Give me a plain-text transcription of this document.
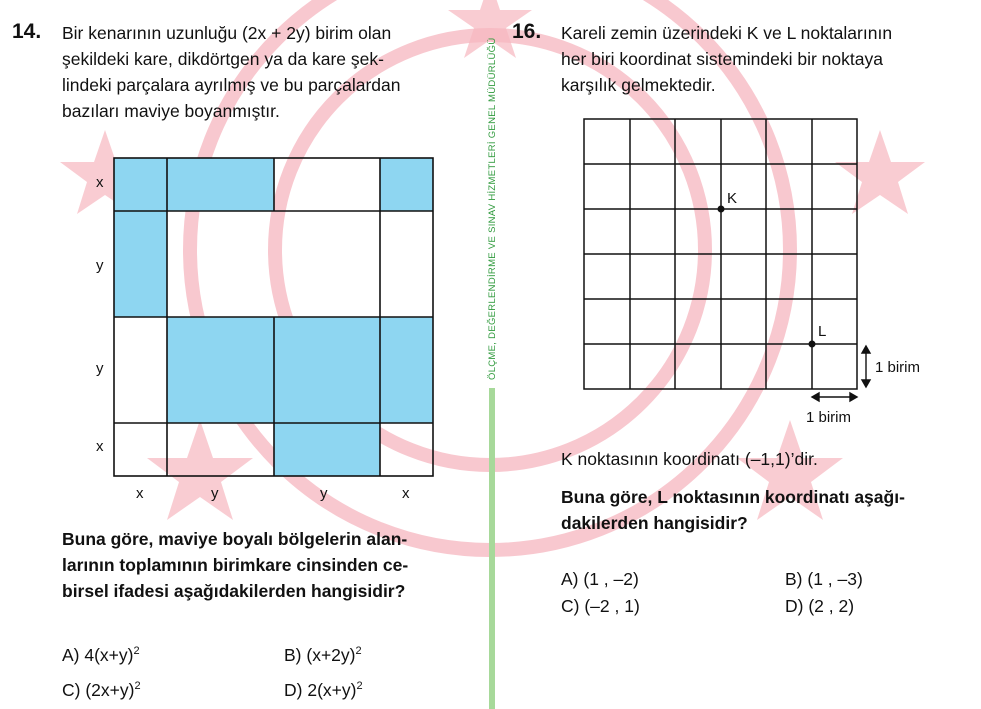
ÖLÇME, DEĞERLENDİRME VE SINAV HİZMETLERİ GENEL MÜDÜRLÜĞÜ
14. Bir kenarının uzunluğu (2x + 2y) birim olan
şekildeki kare, dikdörtgen ya da kare şek-
lindeki parçalara ayrılmış ve bu parçalardan
bazıları maviye boyanmıştır.
x
y
y
x
x	y	y	x
Buna göre, maviye boyalı bölgelerin alan-
larının toplamının birimkare cinsinden ce-
birsel ifadesi aşağıdakilerden hangisidir?
A) $4(x+y)^2$	B) $(x+2y)^2$
C) $(2x+y)^2$	D) $2(x+y)^2$
16. Kareli zemin üzerindeki K ve L noktalarının
her biri koordinat sistemindeki bir noktaya
karşılık gelmektedir.
K
L
1 birim
1 birim
K noktasının koordinatı (–1,1)’dir.
Buna göre, L noktasının koordinatı aşağı-
dakilerden hangisidir?
A) (1 , –2)	B) (1 , –3)
C) (–2 , 1)	D) (2 , 2)
